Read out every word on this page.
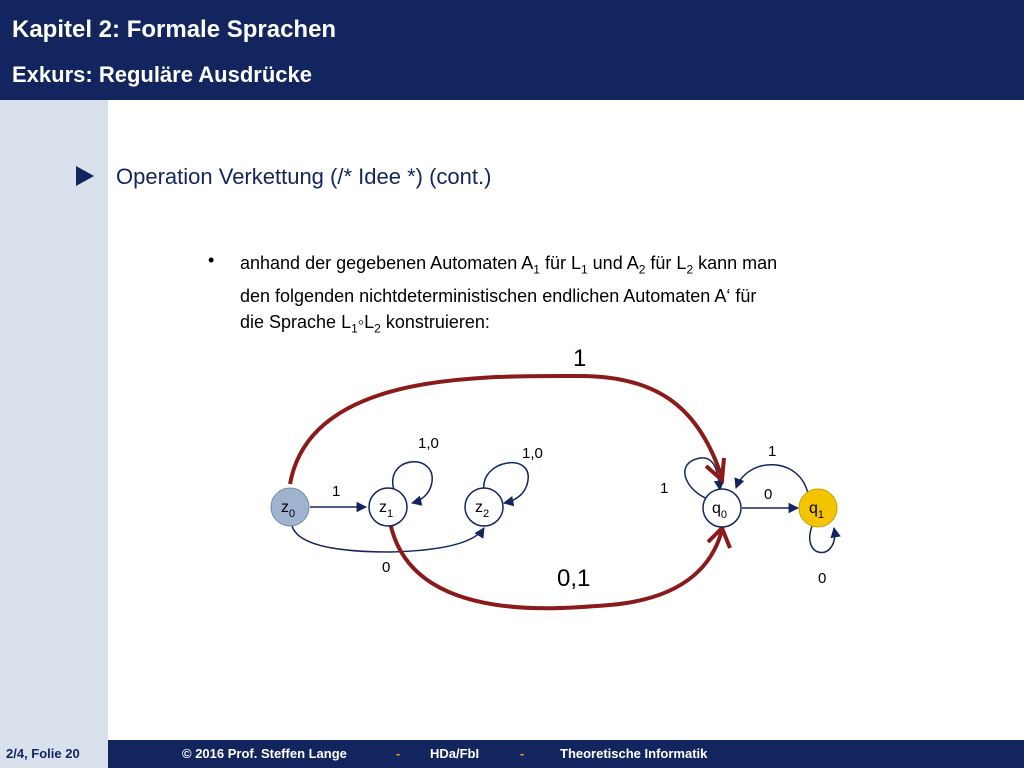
Kapitel 2: Formale Sprachen
Exkurs: Reguläre Ausdrücke
Operation Verkettung (/* Idee *) (cont.)
• anhand der gegebenen Automaten $A_1$ für $L_1$ und $A_2$ für $L_2$ kann man
den folgenden nichtdeterministischen endlichen Automaten A‘ für
die Sprache $L_1◦L_2$ konstruieren:
$z_0$	$z_1$	$z_2$	$q_0$	$q_1$
1
0
1,0
1,0
1	0
1
0
1
0,1
2/4, Folie 20	© 2016 Prof. Steffen Lange	- HDa/FbI	-	Theoretische Informatik
